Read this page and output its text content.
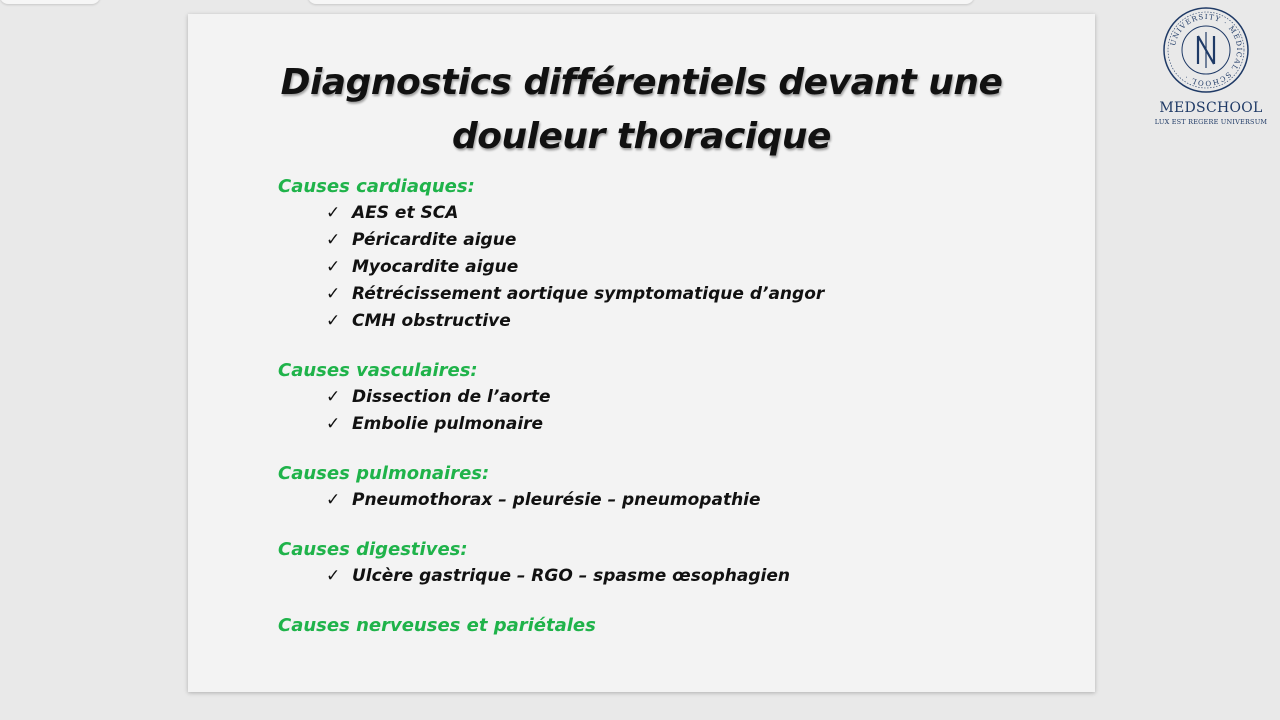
Diagnostics différentiels devant une
douleur thoracique

Causes cardiaques:

✓ AES et SCA
✓ Péricardite aigue
✓ Myocardite aigue
✓ Rétrécissement aortique symptomatique d’angor
✓ CMH obstructive

Causes vasculaires:

✓ Dissection de l’aorte
✓ Embolie pulmonaire

Causes pulmonaires:

✓ Pneumothorax – pleurésie – pneumopathie

Causes digestives:

✓ Ulcère gastrique – RGO – spasme œsophagien

Causes nerveuses et pariétales

UNIVERSITY · MEDICAL SCHOOL ·
MEDSCHOOL
LUX EST REGERE UNIVERSUM
